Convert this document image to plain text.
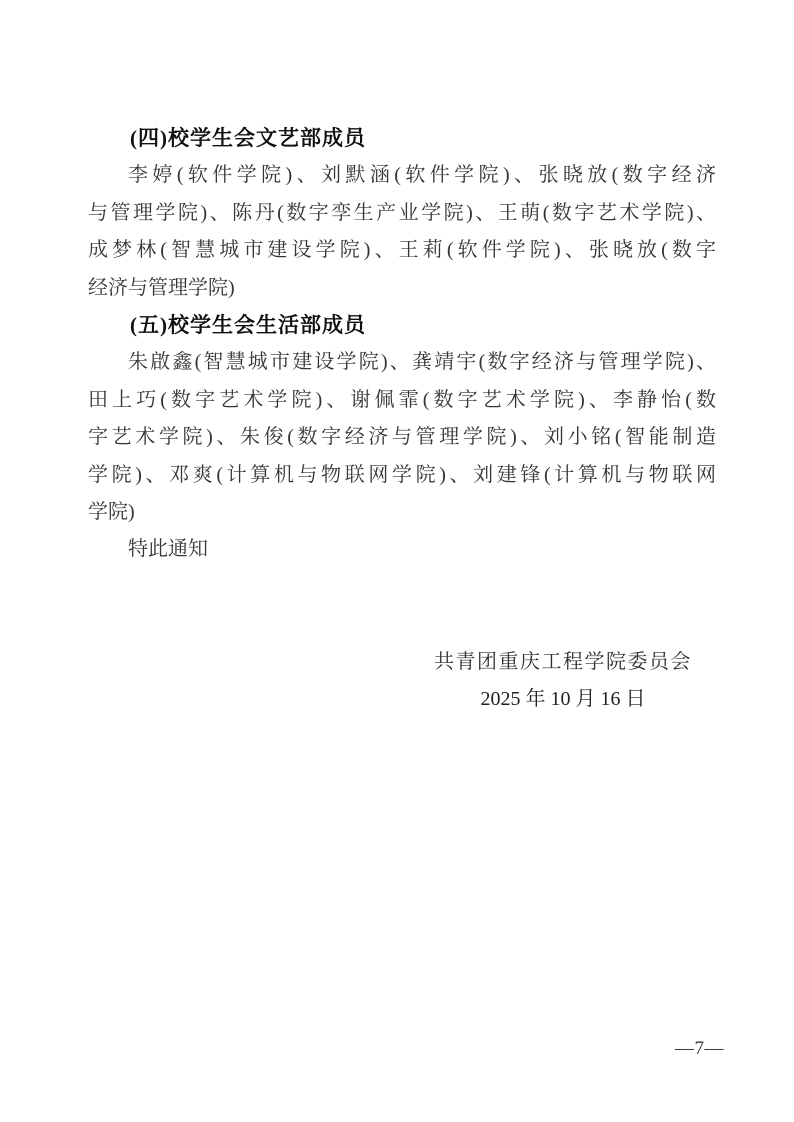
(四)校学生会文艺部成员
李婷(软件学院)、刘默涵(软件学院)、张晓放(数字经济
与管理学院)、陈丹(数字孪生产业学院)、王萌(数字艺术学院)、
成梦林(智慧城市建设学院)、王莉(软件学院)、张晓放(数字
经济与管理学院)
(五)校学生会生活部成员
朱啟鑫(智慧城市建设学院)、龚靖宇(数字经济与管理学院)、
田上巧(数字艺术学院)、谢佩霏(数字艺术学院)、李静怡(数
字艺术学院)、朱俊(数字经济与管理学院)、刘小铭(智能制造
学院)、邓爽(计算机与物联网学院)、刘建锋(计算机与物联网
学院)

特此通知

共青团重庆工程学院委员会
2025 年 10 月 16 日
—7—
